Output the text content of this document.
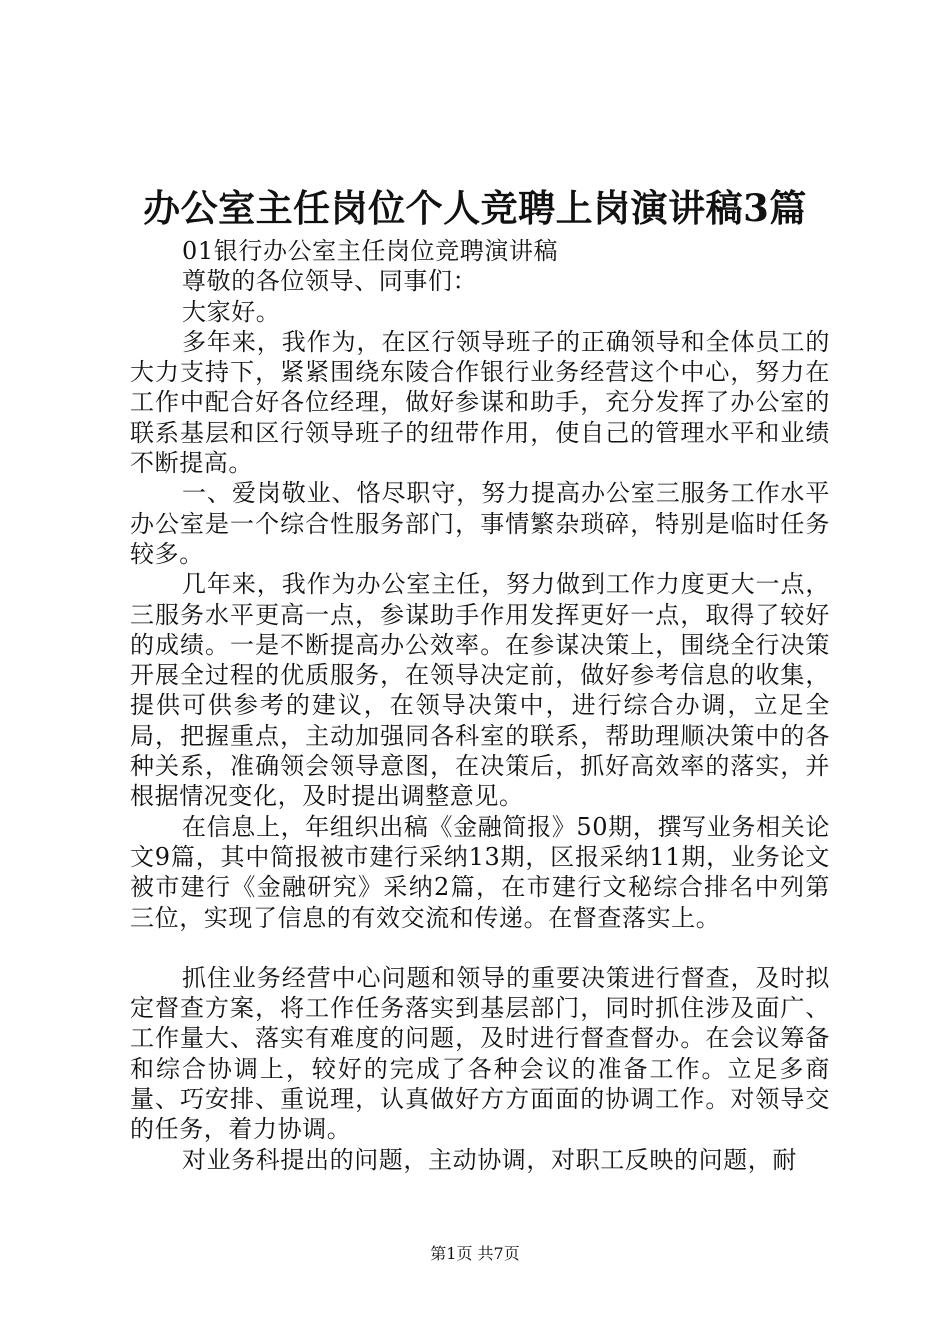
办公室主任岗位个人竞聘上岗演讲稿3篇

01银行办公室主任岗位竞聘演讲稿

尊敬的各位领导、同事们：

大家好。

多年来，我作为，在区行领导班子的正确领导和全体员工的大力支持下，紧紧围绕东陵合作银行业务经营这个中心，努力在工作中配合好各位经理，做好参谋和助手，充分发挥了办公室的联系基层和区行领导班子的纽带作用，使自己的管理水平和业绩不断提高。

一、爱岗敬业、恪尽职守，努力提高办公室三服务工作水平办公室是一个综合性服务部门，事情繁杂琐碎，特别是临时任务较多。

几年来，我作为办公室主任，努力做到工作力度更大一点，三服务水平更高一点，参谋助手作用发挥更好一点，取得了较好的成绩。一是不断提高办公效率。在参谋决策上，围绕全行决策开展全过程的优质服务，在领导决定前，做好参考信息的收集，提供可供参考的建议，在领导决策中，进行综合办调，立足全局，把握重点，主动加强同各科室的联系，帮助理顺决策中的各种关系，准确领会领导意图，在决策后，抓好高效率的落实，并根据情况变化，及时提出调整意见。

在信息上，年组织出稿《金融简报》50期，撰写业务相关论文9篇，其中简报被市建行采纳13期，区报采纳11期，业务论文被市建行《金融研究》采纳2篇，在市建行文秘综合排名中列第三位，实现了信息的有效交流和传递。在督查落实上。

抓住业务经营中心问题和领导的重要决策进行督查，及时拟定督查方案，将工作任务落实到基层部门，同时抓住涉及面广、工作量大、落实有难度的问题，及时进行督查督办。在会议筹备和综合协调上，较好的完成了各种会议的准备工作。立足多商量、巧安排、重说理，认真做好方方面面的协调工作。对领导交的任务，着力协调。

对业务科提出的问题，主动协调，对职工反映的问题，耐

第1页 共7页
